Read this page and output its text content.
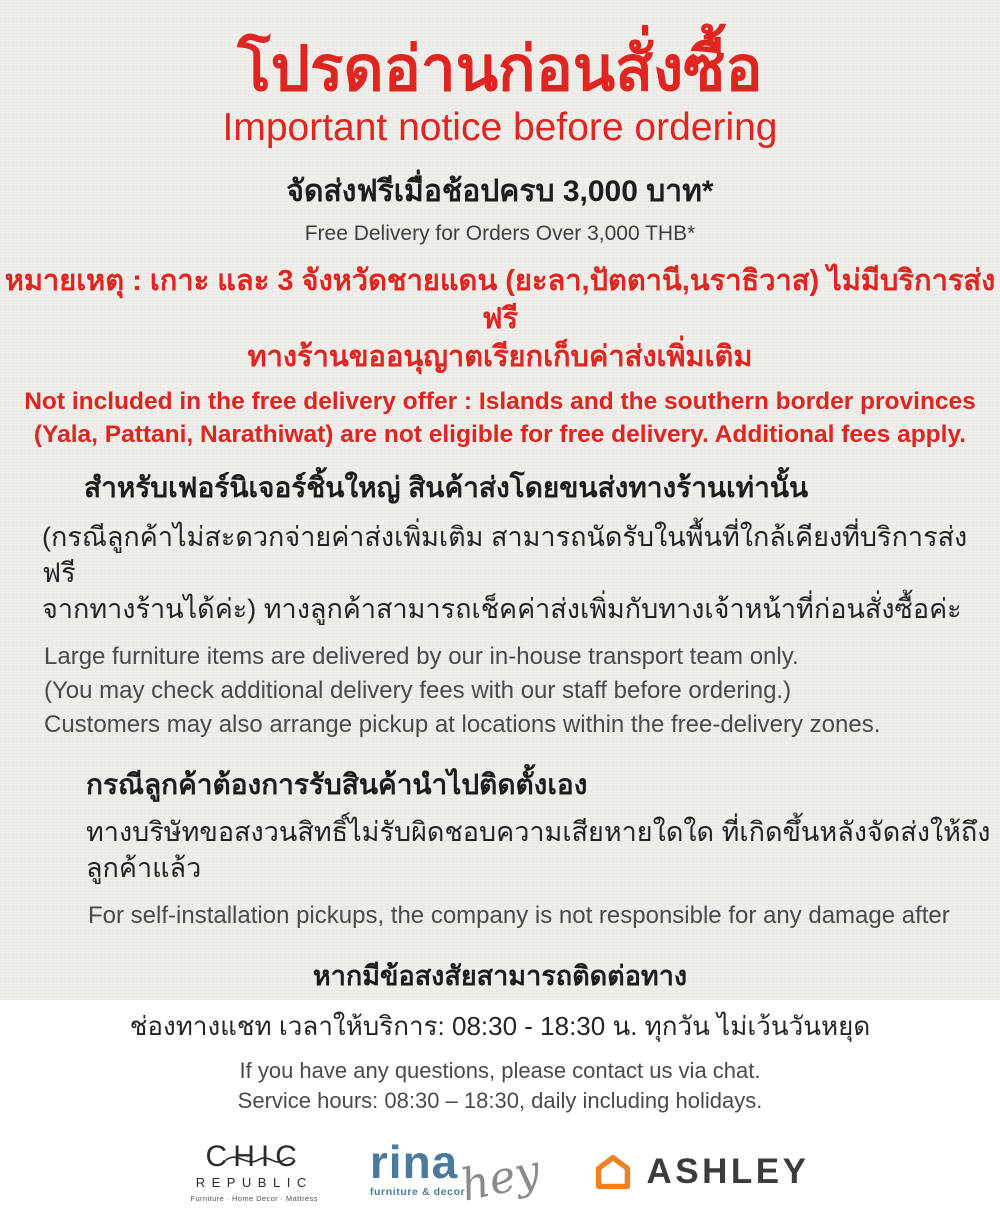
โปรดอ่านก่อนสั่งซื้อ
Important notice before ordering

จัดส่งฟรีเมื่อช้อปครบ 3,000 บาท*

Free Delivery for Orders Over 3,000 THB*

หมายเหตุ : เกาะ และ 3 จังหวัดชายแดน (ยะลา,ปัตตานี,นราธิวาส) ไม่มีบริการส่งฟรี

ทางร้านขออนุญาตเรียกเก็บค่าส่งเพิ่มเติม

Not included in the free delivery offer : Islands and the southern border provinces

(Yala, Pattani, Narathiwat) are not eligible for free delivery. Additional fees apply.

สำหรับเฟอร์นิเจอร์ชิ้นใหญ่ สินค้าส่งโดยขนส่งทางร้านเท่านั้น

(กรณีลูกค้าไม่สะดวกจ่ายค่าส่งเพิ่มเติม สามารถนัดรับในพื้นที่ใกล้เคียงที่บริการส่งฟรี

จากทางร้านได้ค่ะ) ทางลูกค้าสามารถเช็คค่าส่งเพิ่มกับทางเจ้าหน้าที่ก่อนสั่งซื้อค่ะ

Large furniture items are delivered by our in-house transport team only.

(You may check additional delivery fees with our staff before ordering.)

Customers may also arrange pickup at locations within the free-delivery zones.

กรณีลูกค้าต้องการรับสินค้านำไปติดตั้งเอง

ทางบริษัทขอสงวนสิทธิ์ไม่รับผิดชอบความเสียหายใดใด ที่เกิดขึ้นหลังจัดส่งให้ถึงลูกค้าแล้ว

For self-installation pickups, the company is not responsible for any damage after

หากมีข้อสงสัยสามารถติดต่อทาง

ช่องทางแชท เวลาให้บริการ: 08:30 - 18:30 น. ทุกวัน ไม่เว้นวันหยุด

If you have any questions, please contact us via chat.

Service hours: 08:30 – 18:30, daily including holidays.

CHIC
REPUBLIC
Furniture · Home Decor · Mattress
rina
furniture & decor
hey	ASHLEY
